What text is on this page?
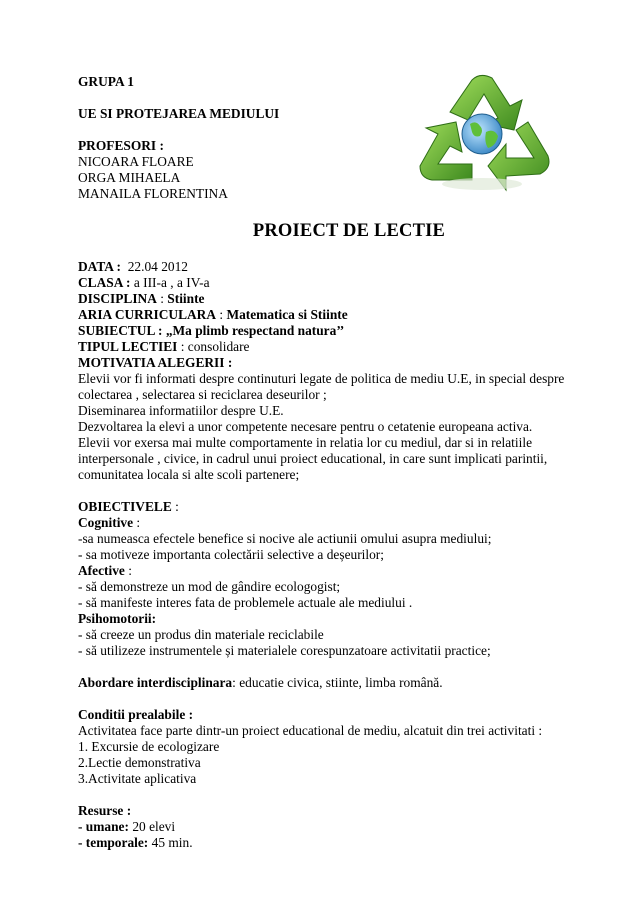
GRUPA 1
UE SI PROTEJAREA MEDIULUI
PROFESORI :
NICOARA FLOARE
ORGA MIHAELA
MANAILA FLORENTINA
PROIECT DE LECTIE
DATA : 22.04 2012
CLASA : a III-a , a IV-a
DISCIPLINA : Stiinte
ARIA CURRICULARA : Matematica si Stiinte
SUBIECTUL : „Ma plimb respectand natura’’
TIPUL LECTIEI : consolidare
MOTIVATIA ALEGERII :
Elevii vor fi informati despre continuturi legate de politica de mediu U.E, in special despre
colectarea , selectarea si reciclarea deseurilor ;
Diseminarea informatiilor despre U.E.
Dezvoltarea la elevi a unor competente necesare pentru o cetatenie europeana activa.
Elevii vor exersa mai multe comportamente in relatia lor cu mediul, dar si in relatiile
interpersonale , civice, in cadrul unui proiect educational, in care sunt implicati parintii,
comunitatea locala si alte scoli partenere;
OBIECTIVELE :
Cognitive :
-sa numeasca efectele benefice si nocive ale actiunii omului asupra mediului;
- sa motiveze importanta colectării selective a deșeurilor;
Afective :
- să demonstreze un mod de gândire ecologogist;
- să manifeste interes fata de problemele actuale ale mediului .
Psihomotorii:
- să creeze un produs din materiale reciclabile
- să utilizeze instrumentele și materialele corespunzatoare activitatii practice;
Abordare interdisciplinara: educatie civica, stiinte, limba română.
Conditii prealabile :
Activitatea face parte dintr-un proiect educational de mediu, alcatuit din trei activitati :
1. Excursie de ecologizare
2.Lectie demonstrativa
3.Activitate aplicativa
Resurse :
- umane: 20 elevi
- temporale: 45 min.
